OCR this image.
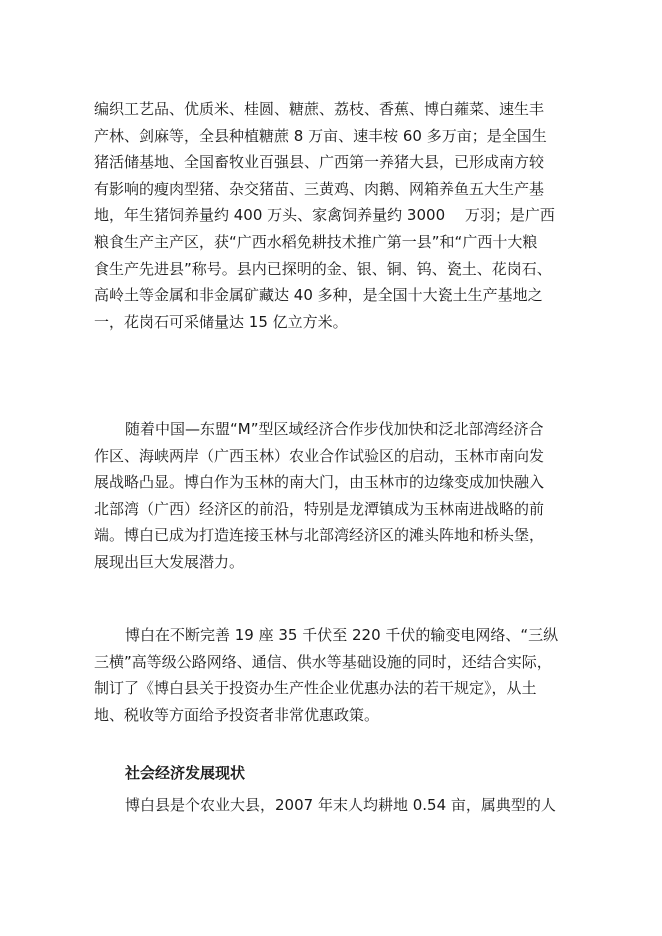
编织工艺品、优质米、桂圆、糖蔗、荔枝、香蕉、博白蕹菜、速生丰
产林、剑麻等，全县种植糖蔗 8 万亩、速丰桉 60 多万亩；是全国生
猪活储基地、全国畜牧业百强县、广西第一养猪大县，已形成南方较
有影响的瘦肉型猪、杂交猪苗、三黄鸡、肉鹅、网箱养鱼五大生产基
地，年生猪饲养量约 400 万头、家禽饲养量约 3000　 万羽；是广西
粮食生产主产区，获“广西水稻免耕技术推广第一县”和“广西十大粮
食生产先进县”称号。县内已探明的金、银、铜、钨、瓷土、花岗石、
高岭土等金属和非金属矿藏达 40 多种，是全国十大瓷土生产基地之
一，花岗石可采储量达 15 亿立方米。
随着中国—东盟“M”型区域经济合作步伐加快和泛北部湾经济合
作区、海峡两岸（广西玉林）农业合作试验区的启动，玉林市南向发
展战略凸显。博白作为玉林的南大门，由玉林市的边缘变成加快融入
北部湾（广西）经济区的前沿，特别是龙潭镇成为玉林南进战略的前
端。博白已成为打造连接玉林与北部湾经济区的滩头阵地和桥头堡，
展现出巨大发展潜力。
博白在不断完善 19 座 35 千伏至 220 千伏的输变电网络、“三纵
三横”高等级公路网络、通信、供水等基础设施的同时，还结合实际，
制订了《博白县关于投资办生产性企业优惠办法的若干规定》，从土
地、税收等方面给予投资者非常优惠政策。
社会经济发展现状
博白县是个农业大县，2007 年末人均耕地 0.54 亩，属典型的人
